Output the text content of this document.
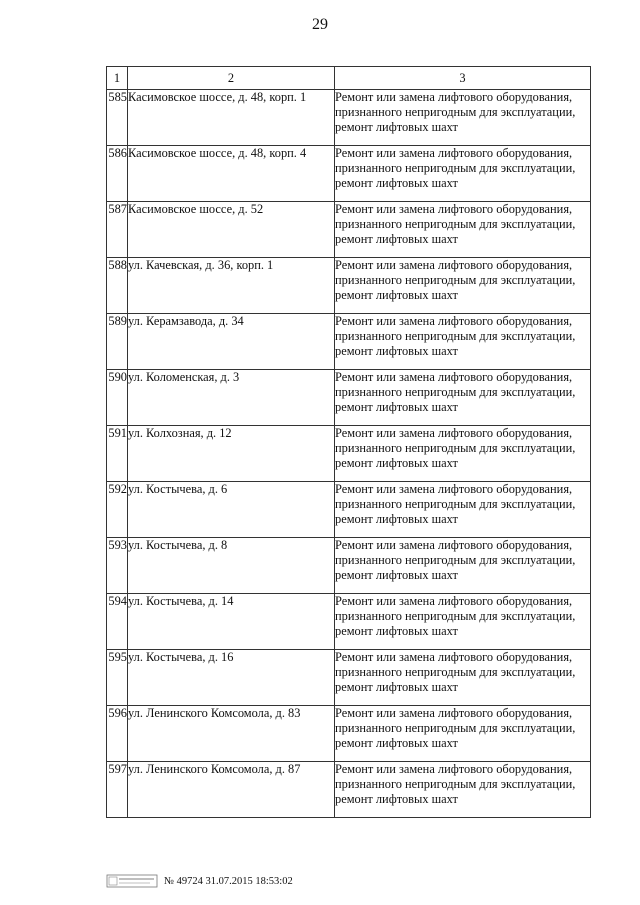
29
1	2	3
585	Касимовское шоссе, д. 48, корп. 1	Ремонт или замена лифтового оборудования,
признанного непригодным для эксплуатации,
ремонт лифтовых шахт
586	Касимовское шоссе, д. 48, корп. 4	Ремонт или замена лифтового оборудования,
признанного непригодным для эксплуатации,
ремонт лифтовых шахт
587	Касимовское шоссе, д. 52	Ремонт или замена лифтового оборудования,
признанного непригодным для эксплуатации,
ремонт лифтовых шахт
588	ул. Качевская, д. 36, корп. 1	Ремонт или замена лифтового оборудования,
признанного непригодным для эксплуатации,
ремонт лифтовых шахт
589	ул. Керамзавода, д. 34	Ремонт или замена лифтового оборудования,
признанного непригодным для эксплуатации,
ремонт лифтовых шахт
590	ул. Коломенская, д. 3	Ремонт или замена лифтового оборудования,
признанного непригодным для эксплуатации,
ремонт лифтовых шахт
591	ул. Колхозная, д. 12	Ремонт или замена лифтового оборудования,
признанного непригодным для эксплуатации,
ремонт лифтовых шахт
592	ул. Костычева, д. 6	Ремонт или замена лифтового оборудования,
признанного непригодным для эксплуатации,
ремонт лифтовых шахт
593	ул. Костычева, д. 8	Ремонт или замена лифтового оборудования,
признанного непригодным для эксплуатации,
ремонт лифтовых шахт
594	ул. Костычева, д. 14	Ремонт или замена лифтового оборудования,
признанного непригодным для эксплуатации,
ремонт лифтовых шахт
595	ул. Костычева, д. 16	Ремонт или замена лифтового оборудования,
признанного непригодным для эксплуатации,
ремонт лифтовых шахт
596	ул. Ленинского Комсомола, д. 83	Ремонт или замена лифтового оборудования,
признанного непригодным для эксплуатации,
ремонт лифтовых шахт
597	ул. Ленинского Комсомола, д. 87	Ремонт или замена лифтового оборудования,
признанного непригодным для эксплуатации,
ремонт лифтовых шахт
№ 49724 31.07.2015 18:53:02
